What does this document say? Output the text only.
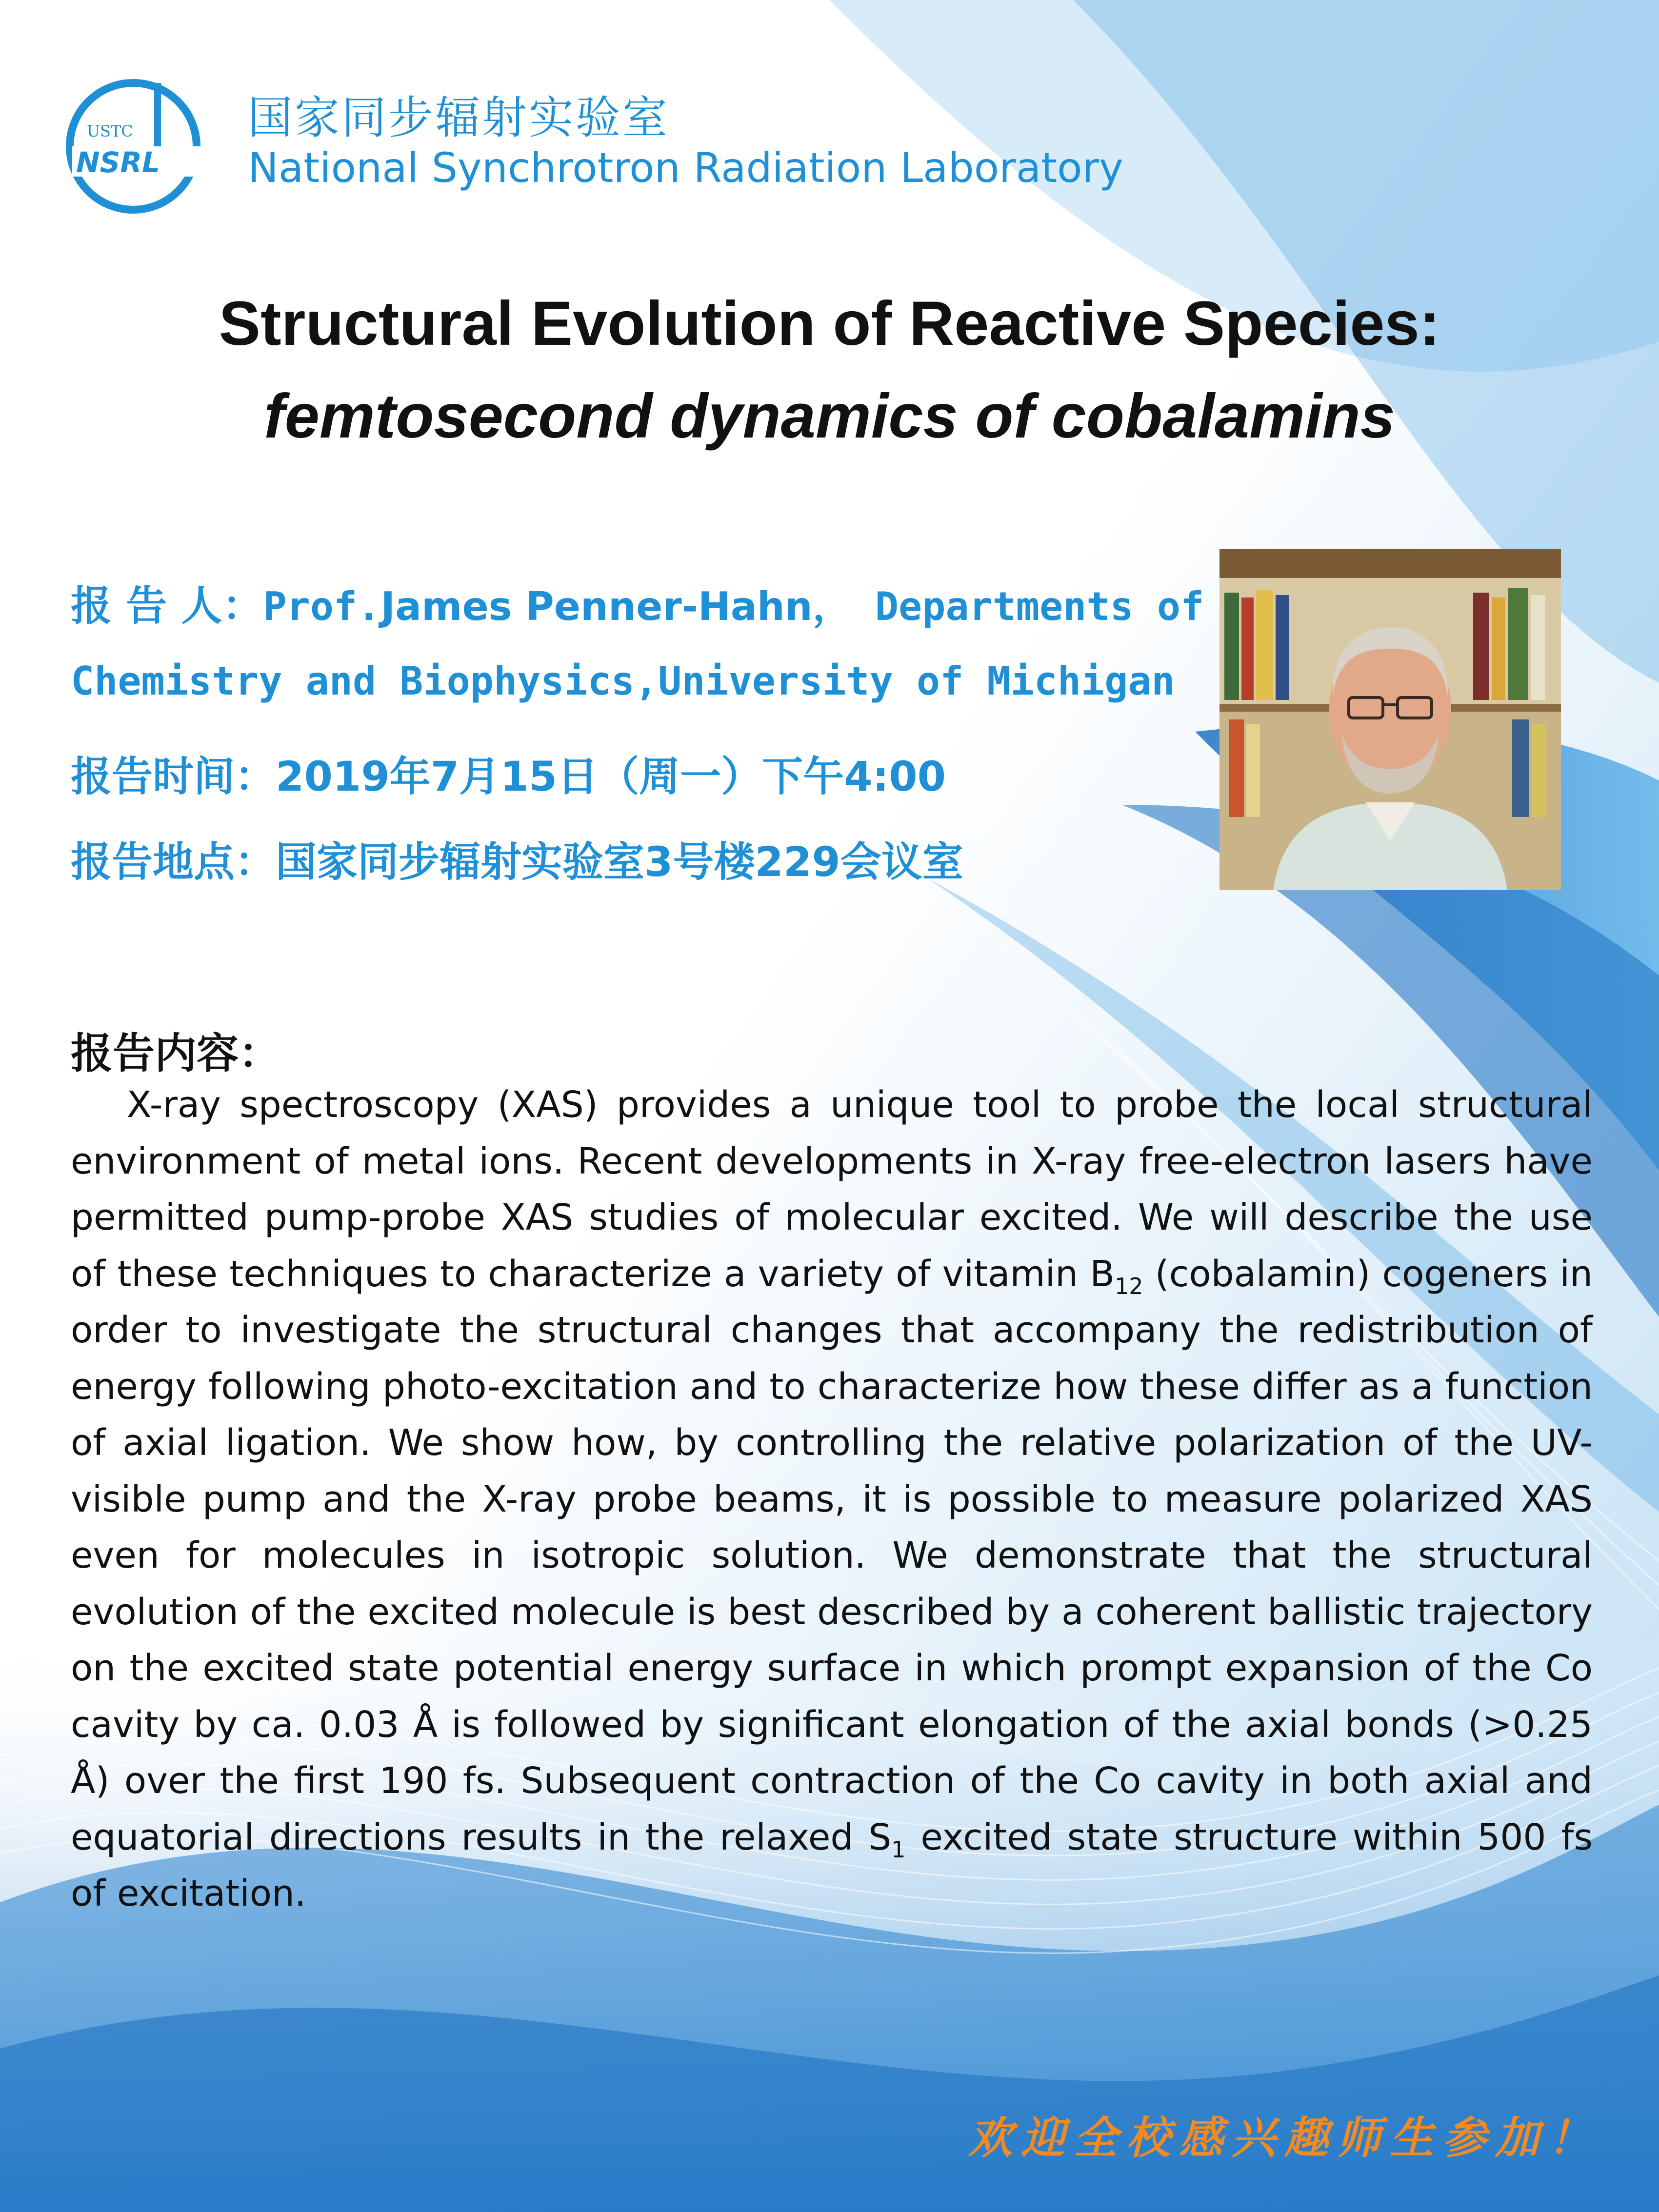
USTC
NSRL
国家同步辐射实验室
National Synchrotron Radiation Laboratory
Structural Evolution of Reactive Species:
femtosecond dynamics of cobalamins
报 告 人：Prof.James Penner-Hahn， Departments of
Chemistry and Biophysics,University of Michigan
报告时间：2019年7月15日（周一）下午4:00
报告地点：国家同步辐射实验室3号楼229会议室
报告内容：
X-ray spectroscopy (XAS) provides a unique tool to probe the local structural environment of metal ions. Recent developments in X-ray free-electron lasers have permitted pump-probe XAS studies of molecular excited. We will describe the use of these techniques to characterize a variety of vitamin $B_{12}$ (cobalamin) cogeners in order to investigate the structural changes that accompany the redistribution of energy following photo-excitation and to characterize how these differ as a function of axial ligation. We show how, by controlling the relative polarization of the UV-visible pump and the X-ray probe beams, it is possible to measure polarized XAS even for molecules in isotropic solution. We demonstrate that the structural evolution of the excited molecule is best described by a coherent ballistic trajectory on the excited state potential energy surface in which prompt expansion of the Co cavity by ca. 0.03 Å is followed by significant elongation of the axial bonds (>0.25 Å) over the first 190 fs. Subsequent contraction of the Co cavity in both axial and equatorial directions results in the relaxed $S_1$ excited state structure within 500 fs of excitation.
欢迎全校感兴趣师生参加！
